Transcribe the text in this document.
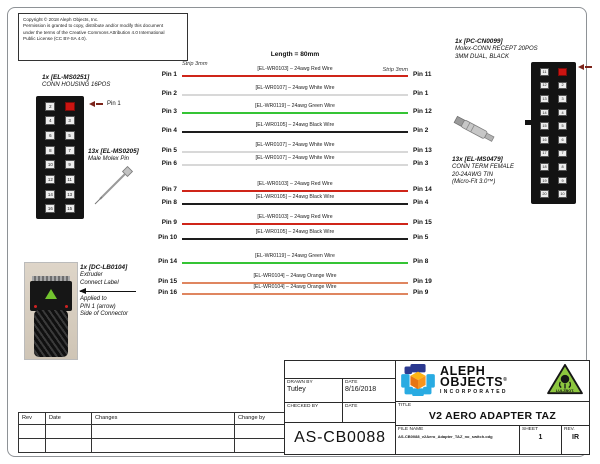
Copyright © 2018 Aleph Objects, Inc.
Permission is granted to copy, distribute and/or modify this document
under the terms of the Creative Commons Attribution 4.0 International
Public License (CC BY-SA 4.0).
1x [EL-MS0251]
CONN HOUSING 16POS
2
4	3
6	5
8	7
10	9
12	11
14	13
16	15
Pin 1
13x [EL-MS0205]
Male Molex Pin
1x [DC-LB0104]
Extruder
Connect Label
Applied to
PIN 1 (arrow)
Side of Connector
Length = 80mm
Strip 3mm
Strip 3mm
[EL-WR0103] – 24awg Red Wire
Pin 1	Pin 11
[EL-WR0107] – 24awg White Wire
Pin 2	Pin 1
[EL-WR0119] – 24awg Green Wire
Pin 3	Pin 12
[EL-WR0105] – 24awg Black Wire
Pin 4	Pin 2
[EL-WR0107] – 24awg White Wire
Pin 5	Pin 13
[EL-WR0107] – 24awg White Wire
Pin 6	Pin 3
[EL-WR0103] – 24awg Red Wire
Pin 7	Pin 14
[EL-WR0105] – 24awg Black Wire
Pin 8	Pin 4
[EL-WR0103] – 24awg Red Wire
Pin 9	Pin 15
[EL-WR0105] – 24awg Black Wire
Pin 10	Pin 5
[EL-WR0119] – 24awg Green Wire
Pin 14	Pin 8
[EL-WR0104] – 24awg Orange Wire
Pin 15	Pin 19
[EL-WR0104] – 24awg Orange Wire
Pin 16	Pin 9
1x [PC-CN0099]
Molex-CONN RECEPT 20POS
3MM DUAL, BLACK
11
12	2
13	3
14	4
15	5
16	6
17	7
18	8
19	9
20	10
13x [EL-MS0479]
CONN TERM FEMALE
20-24AWG TIN
(Micro-Fit 3.0™)
Rev	Date	Changes	Change by
DRAWN BY
Tutley
DATE
8/16/2018
CHECKED BY	DATE
AS-CB0088
ALEPH
OBJECTS®
INCORPORATED	LULZBOT.
TITLE
V2 AERO ADAPTER TAZ
FILE NAME
AS-CB0088_v2Aero_Adapter_TAZ_no_switch.odg
SHEET
1
REV.
IR
